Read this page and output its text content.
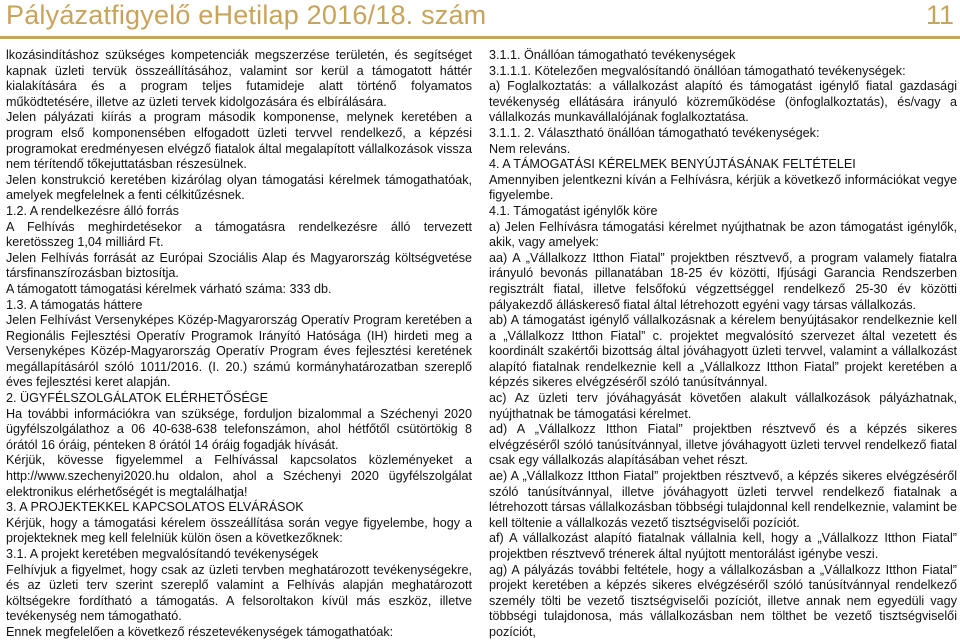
Pályázatfigyelő eHetilap 2016/18. szám	11

lkozásindításhoz szükséges kompetenciák megszerzése területén, és segítséget kapnak üzleti tervük összeállításához, valamint sor kerül a támogatott háttér kialakítására és a program teljes futamideje alatt történő folyamatos működtetésére, illetve az üzleti tervek kidolgozására és elbírálására.

Jelen pályázati kiírás a program második komponense, melynek keretében a program első komponensében elfogadott üzleti tervvel rendelkező, a képzési programokat eredményesen elvégző fiatalok által megalapított vállalkozások vissza nem térítendő tőkejuttatásban részesülnek.

Jelen konstrukció keretében kizárólag olyan támogatási kérelmek támogathatóak, amelyek megfelelnek a fenti célkitűzésnek.

1.2. A rendelkezésre álló forrás

A Felhívás meghirdetésekor a támogatásra rendelkezésre álló tervezett keretösszeg 1,04 milliárd Ft.

Jelen Felhívás forrását az Európai Szociális Alap és Magyarország költségvetése társfinanszírozásban biztosítja.

A támogatott támogatási kérelmek várható száma: 333 db.

1.3. A támogatás háttere

Jelen Felhívást Versenyképes Közép-Magyarország Operatív Program keretében a Regionális Fejlesztési Operatív Programok Irányító Hatósága (IH) hirdeti meg a Versenyképes Közép-Magyarország Operatív Program éves fejlesztési keretének megállapításáról szóló 1011/2016. (I. 20.) számú kormányhatározatban szereplő éves fejlesztési keret alapján.

2. ÜGYFÉLSZOLGÁLATOK ELÉRHETŐSÉGE

Ha további információkra van szüksége, forduljon bizalommal a Széchenyi 2020 ügyfélszolgálathoz a 06 40-638-638 telefonszámon, ahol hétfőtől csütörtökig 8 órától 16 óráig, pénteken 8 órától 14 óráig fogadják hívását.

Kérjük, kövesse figyelemmel a Felhívással kapcsolatos közleményeket a http://www.szechenyi2020.hu oldalon, ahol a Széchenyi 2020 ügyfélszolgálat elektronikus elérhetőségét is megtalálhatja!

3. A PROJEKTEKKEL KAPCSOLATOS ELVÁRÁSOK

Kérjük, hogy a támogatási kérelem összeállítása során vegye figyelembe, hogy a projekteknek meg kell felelniük külön ösen a következőknek:

3.1. A projekt keretében megvalósítandó tevékenységek

Felhívjuk a figyelmet, hogy csak az üzleti tervben meghatározott tevékenységekre, és az üzleti terv szerint szereplő valamint a Felhívás alapján meghatározott költségekre fordítható a támogatás. A felsoroltakon kívül más eszköz, illetve tevékenység nem támogatható.

Ennek megfelelően a következő részetevékenységek támogathatóak:

3.1.1. Önállóan támogatható tevékenységek

3.1.1.1. Kötelezően megvalósítandó önállóan támogatható tevékenységek:

a) Foglalkoztatás: a vállalkozást alapító és támogatást igénylő fiatal gazdasági tevékenység ellátására irányuló közreműködése (önfoglalkoztatás), és/vagy a vállalkozás munkavállalójának foglalkoztatása.

3.1.1. 2. Választható önállóan támogatható tevékenységek:

Nem releváns.

4. A TÁMOGATÁSI KÉRELMEK BENYÚJTÁSÁNAK FELTÉTELEI

Amennyiben jelentkezni kíván a Felhívásra, kérjük a következő információkat vegye figyelembe.

4.1. Támogatást igénylők köre

a) Jelen Felhívásra támogatási kérelmet nyújthatnak be azon támogatást igénylők, akik, vagy amelyek:

aa) A „Vállalkozz Itthon Fiatal” projektben résztvevő, a program valamely fiatalra irányuló bevonás pillanatában 18-25 év közötti, Ifjúsági Garancia Rendszerben regisztrált fiatal, illetve felsőfokú végzettséggel rendelkező 25-30 év közötti pályakezdő álláskereső fiatal által létrehozott egyéni vagy társas vállalkozás.

ab) A támogatást igénylő vállalkozásnak a kérelem benyújtásakor rendelkeznie kell a „Vállalkozz Itthon Fiatal” c. projektet megvalósító szervezet által vezetett és koordinált szakértői bizottság által jóváhagyott üzleti tervvel, valamint a vállalkozást alapító fiatalnak rendelkeznie kell a „Vállalkozz Itthon Fiatal” projekt keretében a képzés sikeres elvégzéséről szóló tanúsítvánnyal.

ac) Az üzleti terv jóváhagyását követően alakult vállalkozások pályázhatnak, nyújthatnak be támogatási kérelmet.

ad) A „Vállalkozz Itthon Fiatal” projektben résztvevő és a képzés sikeres elvégzéséről szóló tanúsítvánnyal, illetve jóváhagyott üzleti tervvel rendelkező fiatal csak egy vállalkozás alapításában vehet részt.

ae) A „Vállalkozz Itthon Fiatal” projektben résztvevő, a képzés sikeres elvégzéséről szóló tanúsítvánnyal, illetve jóváhagyott üzleti tervvel rendelkező fiatalnak a létrehozott társas vállalkozásban többségi tulajdonnal kell rendelkeznie, valamint be kell töltenie a vállalkozás vezető tisztségviselői pozíciót.

af) A vállalkozást alapító fiatalnak vállalnia kell, hogy a „Vállalkozz Itthon Fiatal” projektben résztvevő trénerek által nyújtott mentorálást igénybe veszi.

ag) A pályázás további feltétele, hogy a vállalkozásban a „Vállalkozz Itthon Fiatal” projekt keretében a képzés sikeres elvégzéséről szóló tanúsítvánnyal rendelkező személy tölti be vezető tisztségviselői pozíciót, illetve annak nem egyedüli vagy többségi tulajdonosa, más vállalkozásban nem tölthet be vezető tisztségviselői pozíciót,
